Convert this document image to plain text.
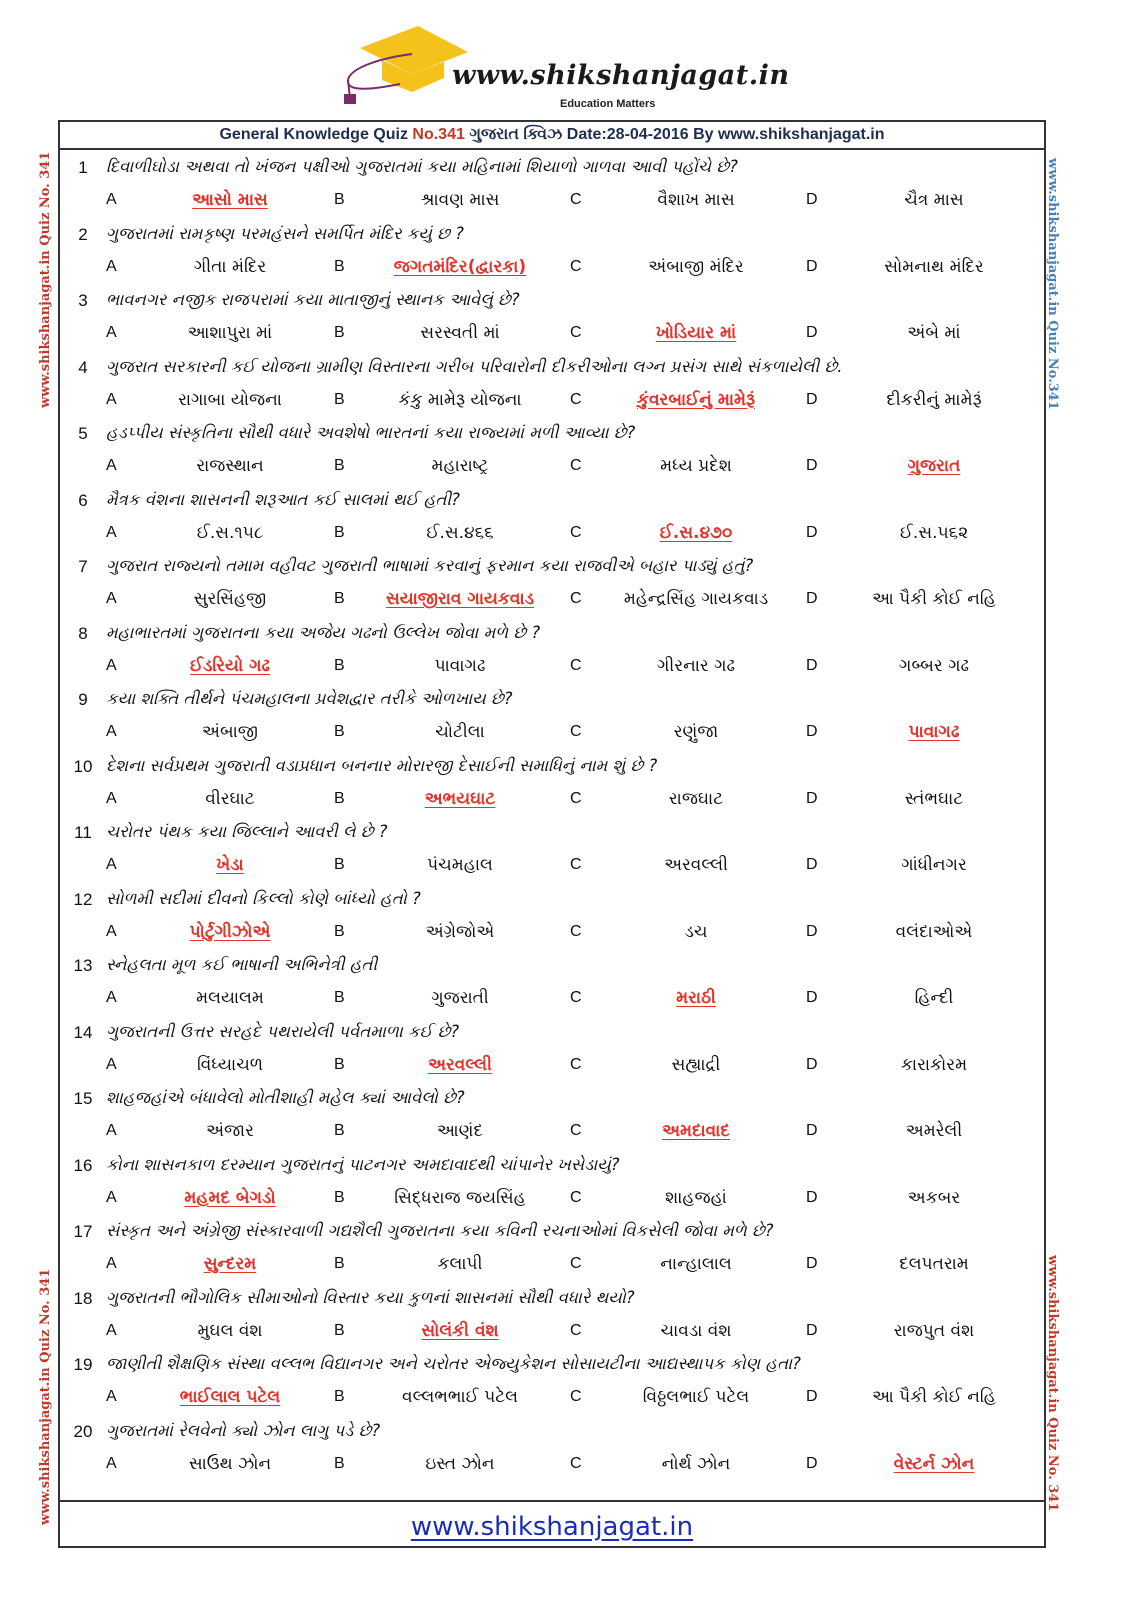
www.shikshanjagat.in
Education Matters
www.shikshanjagat.in Quiz No. 341
www.shikshanjagat.in Quiz No. 341
www.shikshanjagat.in Quiz No.341
www.shikshanjagat.in Quiz No. 341
General Knowledge Quiz No.341 ગુજરાત ક્વિઝ Date:28-04-2016 By www.shikshanjagat.in
1	દિવાળીઘોડા અથવા તો ખંજન પક્ષીઓ ગુજરાતમાં કયા મહિનામાં શિયાળો ગાળવા આવી પહોંચે છે?
A	આસો માસ	B	શ્રાવણ માસ	C	વૈશાખ માસ	D	ચૈત્ર માસ
2	ગુજરાતમાં રામકૃષ્ણ પરમહંસને સમર્પિત મંદિર કયું છ ?
A	ગીતા મંદિર	B	જગતમંદિર(દ્વારકા)	C	અંબાજી મંદિર	D	સોમનાથ મંદિર
3	ભાવનગર નજીક રાજપરામાં કયા માતાજીનું સ્થાનક આવેલું છે?
A	આશાપુરા માં	B	સરસ્વતી માં	C	ખોડિયાર માં	D	અંબે માં
4	ગુજરાત સરકારની કઈ યોજના ગ્રામીણ વિસ્તારના ગરીબ પરિવારોની દીકરીઓના લગ્ન પ્રસંગ સાથે સંકળાયેલી છે.
A	રાગાબા યોજના	B	કંકુ મામેરૂ યોજના	C	કુંવરબાઈનું મામેરૂં	D	દીકરીનું મામેરૂં
5	હડપ્પીય સંસ્કૃતિના સૌથી વધારે અવશેષો ભારતનાં કયા રાજ્યમાં મળી આવ્યા છે?
A	રાજસ્થાન	B	મહારાષ્ટ્ર	C	મધ્ય પ્રદેશ	D	ગુજરાત
6	મૈત્રક વંશના શાસનની શરૂઆત કઈ સાલમાં થઈ હતી?
A	ઈ.સ.૧૫૮	B	ઈ.સ.૪૬૬	C	ઈ.સ.૪૭૦	D	ઈ.સ.૫૬૨
7	ગુજરાત રાજ્યનો તમામ વહીવટ ગુજરાતી ભાષામાં કરવાનું ફરમાન કયા રાજવીએ બહાર પાડ્યું હતું?
A	સુરસિંહજી	B	સયાજીરાવ ગાયકવાડ	C	મહેન્દ્રસિંહ ગાયકવાડ	D	આ પૈકી કોઈ નહિ
8	મહાભારતમાં ગુજરાતના કયા અજેય ગઢનો ઉલ્લેખ જોવા મળે છે ?
A	ઈડરિયો ગઢ	B	પાવાગઢ	C	ગીરનાર ગઢ	D	ગબ્બર ગઢ
9	કયા શક્તિ તીર્થને પંચમહાલના પ્રવેશદ્વાર તરીકે ઓળખાય છે?
A	અંબાજી	B	ચોટીલા	C	રણુંજા	D	પાવાગઢ
10 દેશના સર્વપ્રથમ ગુજરાતી વડાપ્રધાન બનનાર મોરારજી દેસાઈની સમાધિનું નામ શું છે ?
A	વીરઘાટ	B	અભયઘાટ	C	રાજઘાટ	D	સ્તંભઘાટ
11 ચરોતર પંથક કયા જિલ્લાને આવરી લે છે ?
A	ખેડા	B	પંચમહાલ	C	અરવલ્લી	D	ગાંધીનગર
12 સોળમી સદીમાં દીવનો કિલ્લો કોણે બાંધ્યો હતો ?
A	પોર્ટુગીઝોએ	B	અંગ્રેજોએ	C	ડચ	D	વલંદાઓએ
13 સ્નેહલતા મૂળ કઈ ભાષાની અભિનેત્રી હતી
A	મલયાલમ	B	ગુજરાતી	C	મરાઠી	D	હિન્દી
14 ગુજરાતની ઉત્તર સરહદે પથરાયેલી પર્વતમાળા કઈ છે?
A	વિંધ્યાચળ	B	અરવલ્લી	C	સહ્યાદ્રી	D	કારાકોરમ
15 શાહજહાંએ બંધાવેલો મોતીશાહી મહેલ ક્યાં આવેલો છે?
A	અંજાર	B	આણંદ	C	અમદાવાદ	D	અમરેલી
16 કોના શાસનકાળ દરમ્યાન ગુજરાતનું પાટનગર અમદાવાદથી ચાંપાનેર ખસેડાયું?
A	મહમદ બેગડો	B	સિદ્ધરાજ જયસિંહ	C	શાહજહાં	D	અકબર
17 સંસ્કૃત અને અંગ્રેજી સંસ્કારવાળી ગદ્યશૈલી ગુજરાતના કયા કવિની રચનાઓમાં વિકસેલી જોવા મળે છે?
A	સુન્દરમ	B	કલાપી	C	નાન્હાલાલ	D	દલપતરામ
18 ગુજરાતની ભૌગોલિક સીમાઓનો વિસ્તાર કયા કુળનાં શાસનમાં સૌથી વધારે થયો?
A	મુઘલ વંશ	B	સોલંકી વંશ	C	ચાવડા વંશ	D	રાજપુત વંશ
19 જાણીતી શૈક્ષણિક સંસ્થા વલ્લભ વિદ્યાનગર અને ચરોતર એજ્યુકેશન સોસાયટીના આદ્યસ્થાપક કોણ હતા?
A	ભાઈલાલ પટેલ	B	વલ્લભભાઈ પટેલ	C	વિઠ્ઠલભાઈ પટેલ	D	આ પૈકી કોઈ નહિ
20 ગુજરાતમાં રેલવેનો ક્યો ઝોન લાગુ પડે છે?
A	સાઉથ ઝોન	B	ઇસ્ત ઝોન	C	નોર્થ ઝોન	D	વેસ્ટર્ન ઝોન
www.shikshanjagat.in
